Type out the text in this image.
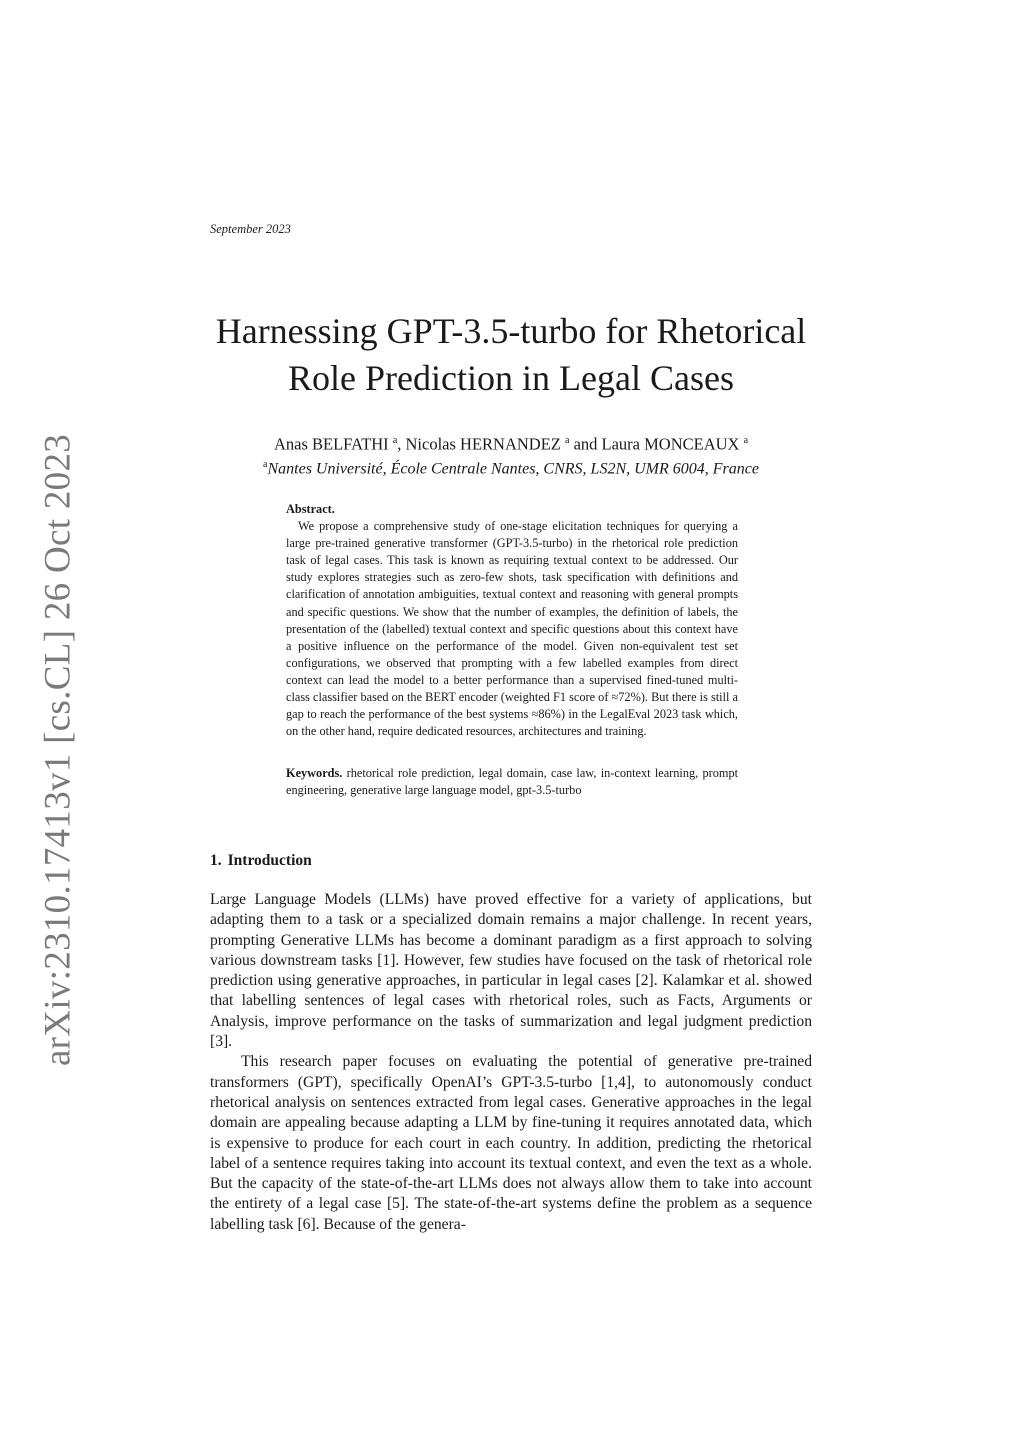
September 2023
arXiv:2310.17413v1 [cs.CL] 26 Oct 2023
Harnessing GPT-3.5-turbo for Rhetorical Role Prediction in Legal Cases
Anas BELFATHI $^a$, Nicolas HERNANDEZ $^a$ and Laura MONCEAUX $^a$
$^a$Nantes Université, École Centrale Nantes, CNRS, LS2N, UMR 6004, France
Abstract.

We propose a comprehensive study of one-stage elicitation techniques for querying a large pre-trained generative transformer (GPT-3.5-turbo) in the rhetorical role prediction task of legal cases. This task is known as requiring textual context to be addressed. Our study explores strategies such as zero-few shots, task specification with definitions and clarification of annotation ambiguities, textual context and reasoning with general prompts and specific questions. We show that the number of examples, the definition of labels, the presentation of the (labelled) textual context and specific questions about this context have a positive influence on the performance of the model. Given non-equivalent test set configurations, we observed that prompting with a few labelled examples from direct context can lead the model to a better performance than a supervised fined-tuned multi-class classifier based on the BERT encoder (weighted F1 score of ≈72%). But there is still a gap to reach the performance of the best systems ≈86%) in the LegalEval 2023 task which, on the other hand, require dedicated resources, architectures and training.

Keywords. rhetorical role prediction, legal domain, case law, in-context learning, prompt engineering, generative large language model, gpt-3.5-turbo
1. Introduction

Large Language Models (LLMs) have proved effective for a variety of applications, but adapting them to a task or a specialized domain remains a major challenge. In recent years, prompting Generative LLMs has become a dominant paradigm as a first approach to solving various downstream tasks [1]. However, few studies have focused on the task of rhetorical role prediction using generative approaches, in particular in legal cases [2]. Kalamkar et al. showed that labelling sentences of legal cases with rhetorical roles, such as Facts, Arguments or Analysis, improve performance on the tasks of summarization and legal judgment prediction [3].

This research paper focuses on evaluating the potential of generative pre-trained transformers (GPT), specifically OpenAI’s GPT-3.5-turbo [1,4], to autonomously conduct rhetorical analysis on sentences extracted from legal cases. Generative approaches in the legal domain are appealing because adapting a LLM by fine-tuning it requires annotated data, which is expensive to produce for each court in each country. In addition, predicting the rhetorical label of a sentence requires taking into account its textual context, and even the text as a whole. But the capacity of the state-of-the-art LLMs does not always allow them to take into account the entirety of a legal case [5]. The state-of-the-art systems define the problem as a sequence labelling task [6]. Because of the genera-
